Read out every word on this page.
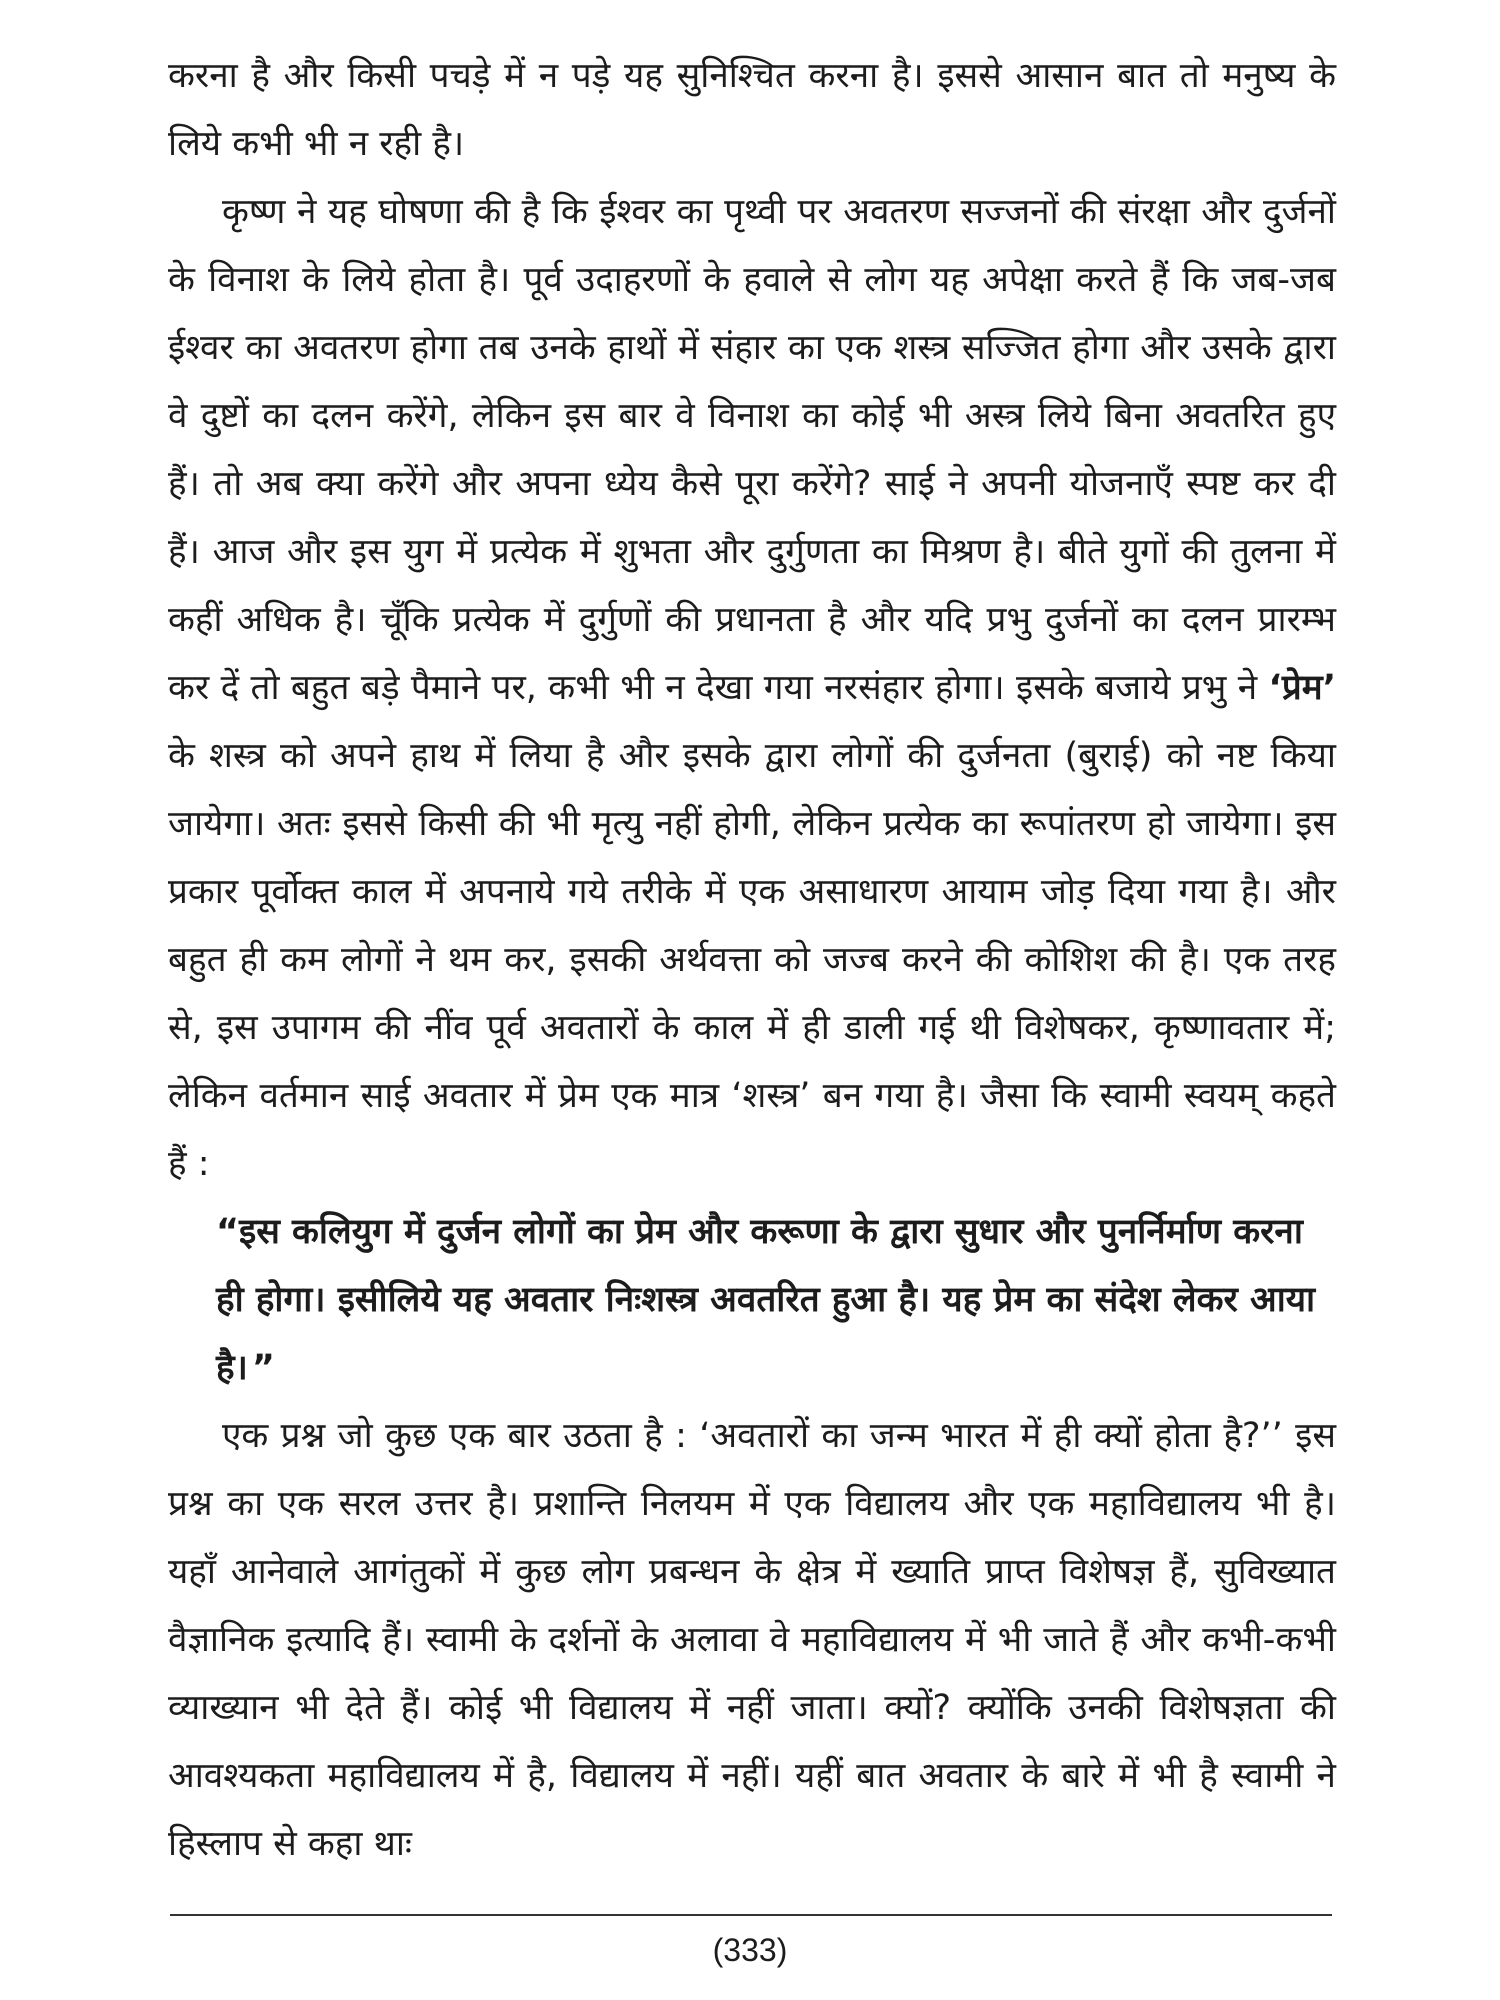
करना है और किसी पचड़े में न पड़े यह सुनिश्चित करना है। इससे आसान बात तो मनुष्य के लिये कभी भी न रही है।

कृष्ण ने यह घोषणा की है कि ईश्वर का पृथ्वी पर अवतरण सज्जनों की संरक्षा और दुर्जनों के विनाश के लिये होता है। पूर्व उदाहरणों के हवाले से लोग यह अपेक्षा करते हैं कि जब-जब ईश्वर का अवतरण होगा तब उनके हाथों में संहार का एक शस्त्र सज्जित होगा और उसके द्वारा वे दुष्टों का दलन करेंगे, लेकिन इस बार वे विनाश का कोई भी अस्त्र लिये बिना अवतरित हुए हैं। तो अब क्या करेंगे और अपना ध्येय कैसे पूरा करेंगे? साई ने अपनी योजनाएँ स्पष्ट कर दी हैं। आज और इस युग में प्रत्येक में शुभता और दुर्गुणता का मिश्रण है। बीते युगों की तुलना में कहीं अधिक है। चूँकि प्रत्येक में दुर्गुणों की प्रधानता है और यदि प्रभु दुर्जनों का दलन प्रारम्भ कर दें तो बहुत बड़े पैमाने पर, कभी भी न देखा गया नरसंहार होगा। इसके बजाये प्रभु ने ‘प्रेम’ के शस्त्र को अपने हाथ में लिया है और इसके द्वारा लोगों की दुर्जनता (बुराई) को नष्ट किया जायेगा। अतः इससे किसी की भी मृत्यु नहीं होगी, लेकिन प्रत्येक का रूपांतरण हो जायेगा। इस प्रकार पूर्वोक्त काल में अपनाये गये तरीके में एक असाधारण आयाम जोड़ दिया गया है। और बहुत ही कम लोगों ने थम कर, इसकी अर्थवत्ता को जज्ब करने की कोशिश की है। एक तरह से, इस उपागम की नींव पूर्व अवतारों के काल में ही डाली गई थी विशेषकर, कृष्णावतार में; लेकिन वर्तमान साई अवतार में प्रेम एक मात्र ‘शस्त्र’ बन गया है। जैसा कि स्वामी स्वयम् कहते हैं :

“इस कलियुग में दुर्जन लोगों का प्रेम और करूणा के द्वारा सुधार और पुनर्निर्माण करना ही होगा। इसीलिये यह अवतार निःशस्त्र अवतरित हुआ है। यह प्रेम का संदेश लेकर आया है। ”

एक प्रश्न जो कुछ एक बार उठता है : ‘अवतारों का जन्म भारत में ही क्यों होता है?’’ इस प्रश्न का एक सरल उत्तर है। प्रशान्ति निलयम में एक विद्यालय और एक महाविद्यालय भी है। यहाँ आनेवाले आगंतुकों में कुछ लोग प्रबन्धन के क्षेत्र में ख्याति प्राप्त विशेषज्ञ हैं, सुविख्यात वैज्ञानिक इत्यादि हैं। स्वामी के दर्शनों के अलावा वे महाविद्यालय में भी जाते हैं और कभी-कभी व्याख्यान भी देते हैं। कोई भी विद्यालय में नहीं जाता। क्यों? क्योंकि उनकी विशेषज्ञता की आवश्यकता महाविद्यालय में है, विद्यालय में नहीं। यहीं बात अवतार के बारे में भी है स्वामी ने हिस्लाप से कहा थाः

(333)
